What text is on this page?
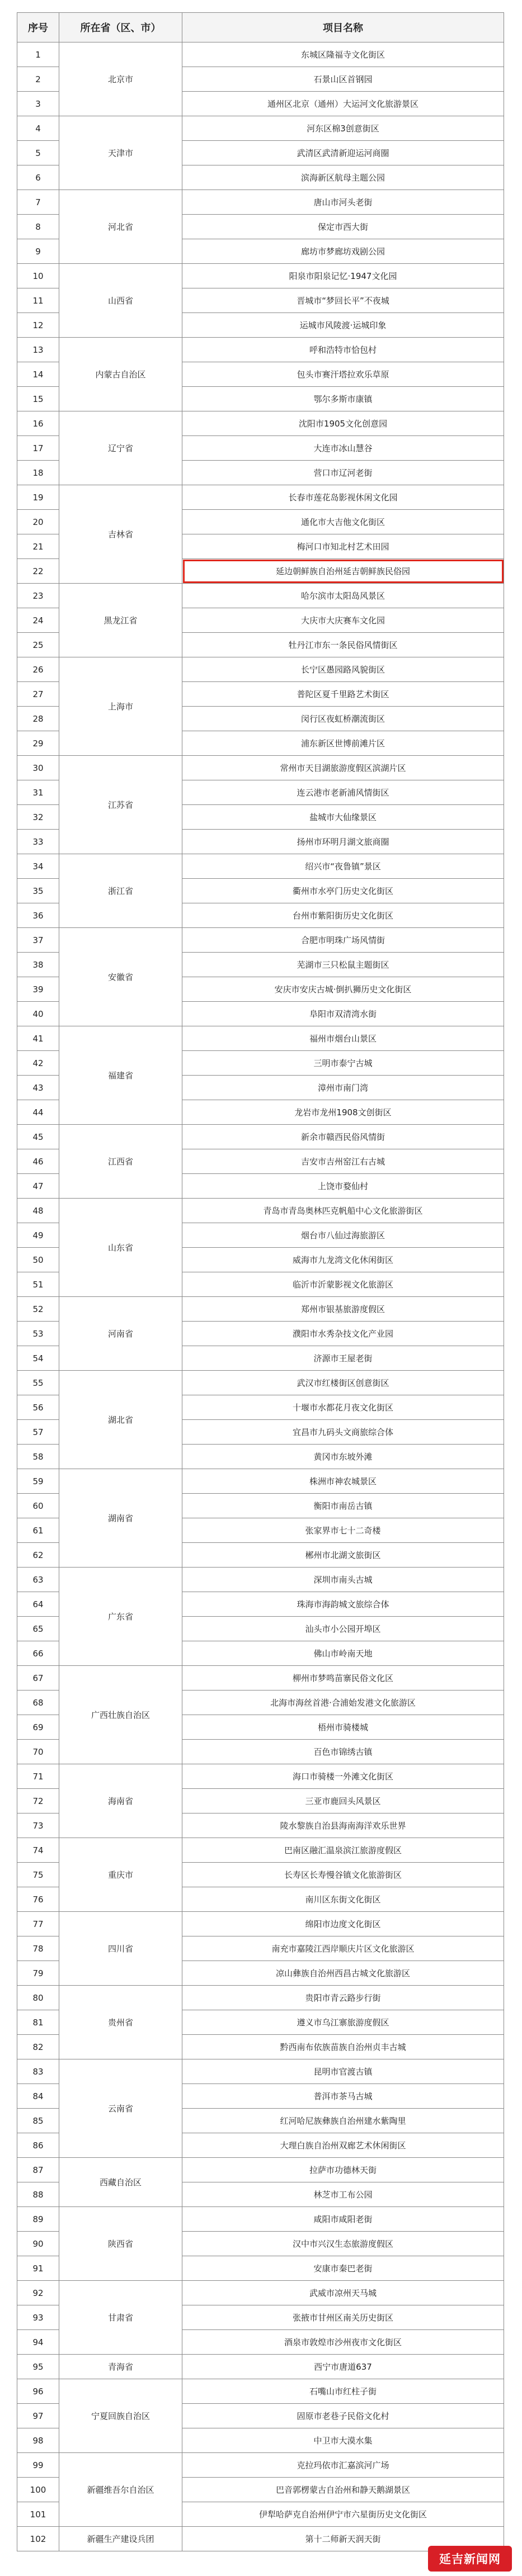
序号	所在省（区、市）	项目名称
1	北京市	东城区隆福寺文化街区
2		石景山区首钢园
3		通州区北京（通州）大运河文化旅游景区
4	天津市	河东区棉3创意街区
5		武清区武清新迎运河商圈
6		滨海新区航母主题公园
7	河北省	唐山市河头老街
8		保定市西大街
9		廊坊市梦廊坊戏剧公园
10	山西省	阳泉市阳泉记忆·1947文化园
11		晋城市“梦回长平”不夜城
12		运城市风陵渡·运城印象
13	内蒙古自治区	呼和浩特市恰包村
14		包头市赛汗塔拉欢乐草原
15		鄂尔多斯市康镇
16	辽宁省	沈阳市1905文化创意园
17		大连市冰山慧谷
18		营口市辽河老街
19	吉林省	长春市莲花岛影视休闲文化园
20		通化市大吉他文化街区
21		梅河口市知北村艺术田园
22		延边朝鲜族自治州延吉朝鲜族民俗园
23	黑龙江省	哈尔滨市太阳岛风景区
24		大庆市大庆赛车文化园
25		牡丹江市东一条民俗风情街区
26	上海市	长宁区愚园路风貌街区
27		普陀区夏千里路艺术街区
28		闵行区夜虹桥潮流街区
29		浦东新区世博前滩片区
30	江苏省	常州市天目湖旅游度假区滨湖片区
31		连云港市老新浦风情街区
32		盐城市大仙缘景区
33		扬州市环明月湖文旅商圈
34	浙江省	绍兴市“夜鲁镇”景区
35		衢州市水亭门历史文化街区
36		台州市紫阳街历史文化街区
37	安徽省	合肥市明珠广场风情街
38		芜湖市三只松鼠主题街区
39		安庆市安庆古城·倒扒狮历史文化街区
40		阜阳市双清湾水街
41	福建省	福州市烟台山景区
42		三明市泰宁古城
43		漳州市南门湾
44		龙岩市龙州1908文创街区
45	江西省	新余市赣西民俗风情街
46		吉安市吉州窑江右古城
47		上饶市婺仙村
48	山东省	青岛市青岛奥林匹克帆船中心文化旅游街区
49		烟台市八仙过海旅游区
50		威海市九龙湾文化休闲街区
51		临沂市沂蒙影视文化旅游区
52	河南省	郑州市银基旅游度假区
53		濮阳市水秀杂技文化产业园
54		济源市王屋老街
55	湖北省	武汉市红楼街区创意街区
56		十堰市水都花月夜文化街区
57		宜昌市九码头文商旅综合体
58		黄冈市东坡外滩
59	湖南省	株洲市神农城景区
60		衡阳市南岳古镇
61		张家界市七十二奇楼
62		郴州市北湖文旅街区
63	广东省	深圳市南头古城
64		珠海市海韵城文旅综合体
65		汕头市小公园开埠区
66		佛山市岭南天地
67	广西壮族自治区	柳州市梦鸣苗寨民俗文化区
68		北海市海丝首港·合浦始发港文化旅游区
69		梧州市骑楼城
70		百色市锦绣古镇
71	海南省	海口市骑楼一外滩文化街区
72		三亚市鹿回头风景区
73		陵水黎族自治县海南海洋欢乐世界
74	重庆市	巴南区融汇温泉滨江旅游度假区
75		长寿区长寿慢谷镇文化旅游街区
76		南川区东街文化街区
77	四川省	绵阳市边度文化街区
78		南充市嘉陵江西岸顺庆片区文化旅游区
79		凉山彝族自治州西昌古城文化旅游区
80	贵州省	贵阳市青云路步行街
81		遵义市乌江寨旅游度假区
82		黔西南布依族苗族自治州贞丰古城
83	云南省	昆明市官渡古镇
84		普洱市茶马古城
85		红河哈尼族彝族自治州建水紫陶里
86		大理白族自治州双廊艺术休闲街区
87	西藏自治区	拉萨市功德林天街
88		林芝市工布公园
89	陕西省	咸阳市咸阳老街
90		汉中市兴汉生态旅游度假区
91		安康市秦巴老街
92	甘肃省	武威市凉州天马城
93		张掖市甘州区南关历史街区
94		酒泉市敦煌市沙州夜市文化街区
95	青海省	西宁市唐道637
96	宁夏回族自治区	石嘴山市红柱子街
97		固原市老巷子民俗文化村
98		中卫市大漠水集
99	新疆维吾尔自治区	克拉玛依市汇嘉滨河广场
100		巴音郭楞蒙古自治州和静天鹅湖景区
101		伊犁哈萨克自治州伊宁市六星街历史文化街区
102	新疆生产建设兵团	第十二师新天润天街
延吉新闻网
